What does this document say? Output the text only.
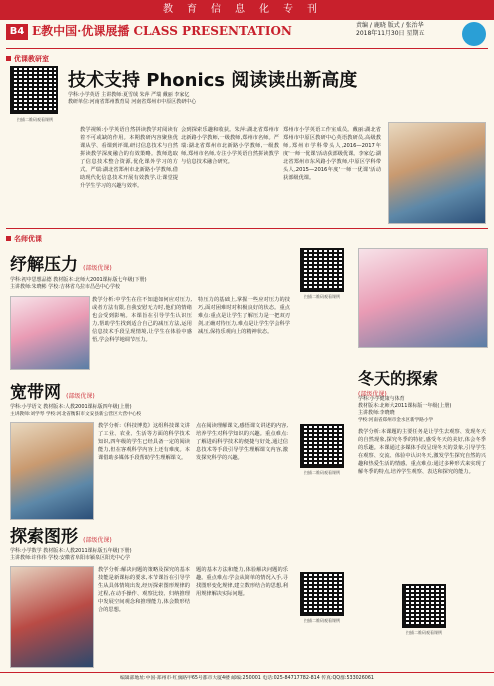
教育信息化专刊
B4 E教中国·优课展播 CLASS PRESENTATION	责编 / 鹿晓 版式 / 张治华
2018年11月30日 星期五
优课教研室
扫描二维码观看课例
技术支持 Phonics 阅读读出新高度
学科:小学英语 主讲教师:夏雪绒 朱萍 严瑞 戴丽 李家亿
教研单位:河南省郑州教育局 河南省郑州市中原区教研中心
教学视频:小学英语自然拼读教学对阅读有着不可或缺的作用。本期教研内容聚焦优课从学、看课到评课,研讨信息技术与自然拼读教学深度融合的有效策略。教师选取了信息技术整合资源,优化课外学习的方式。严瑞:湖北省郑州市北新路小学教师,借助现代化信息技术开展有效教学,让课堂提升学生学习的兴趣与效率。
会到探索乐趣和收获。朱萍:湖北省郑州市北新路小学教师,一级教师,郑州市名师。严瑞:湖北省郑州市北新路小学教师,一级教师,郑州市名师,专注小学英语自然拼读教学与信息技术融合研究。
郑州市小学英语工作室成员。戴丽:湖北省郑州市中原区教研中心英语教研员,高级教师,郑州市学科带头人,2016—2017年度'一师一优课'活动获部级优课。李家亿:湖北省郑州市东风路小学教师,中原区学科带头人,2015—2016年度'一师一优课'活动获部级优课。
名师优课
纾解压力 (部级优课)
学科:初中思想品德 教材版本:北师大2001课标版七年级(下册)
主讲教师:朱晓彬 学校:吉林省乌拉市昌邑中心学校
扫描二维码观看课例
教学分析:中学生在往不知道如何应对压力,或者方法有限,自我安慰无力时,他们的情绪也会受到影响。本课旨在引导学生认识压力,帮助学生找到适合自己的减压方法,运用信息技术手段呈现情境,让学生在体验中感悟,学会科学地调节压力。
特压力的基础上,掌握一些应对压力的技巧,面对困难时对积极良好的状态。重点难点:重点是让学生了解压力是一把双刃剑,正确对待压力,难点是让学生学会科学减压,保持乐观向上的精神状态。
冬天的探索
(部级优课)
学科:小学健康与体育
教材版本:北师大2011课标版一年级(上册)
主讲教师:李晓晓
学校:河南省郑州市金水区新学路小学
教学分析:本课题的主要任务是让学生去观察、发现冬天的自然现象,探究冬季的特征,感受冬天的美好,体会冬季的乐趣。本课通过多媒体手段呈现冬天的景象,引导学生在观察、交流、体验中认识冬天,激发学生探究自然的兴趣和热爱生活的情感。重点难点:通过多种形式来实现了解冬季的特点,培养学生观察、表达和探究的能力。
扫描二维码观看课例
宽带网 (部级优课)
学科:小学语文 教材版本:人教2001课标版四年级(上册)
主讲教师:刘学琴 学校:河北省衡阳市文安县新公营区大营中心校
教学分析:《科技博览》这组科技课文讲了工业、农业、生活等方面的科学技术知识,四年级的学生已经具备一定的阅读能力,但在客观科学内容上还有难度。本课借助多媒体手段帮助学生理解课文。
点在阅读理解课文,感悟课文讲述的内容,培养学生对科学知识的兴趣。重点难点:了解进码科学技术的便捷与好处,通过信息技术等手段引导学生理解课文内容,激发探究科学的兴趣。
扫描二维码观看课例
探索图形 (部级优课)
学科:小学数学 教材版本:人教2011课标版五年级(下册)
主讲教师:许伟伟 学校:安徽省阜阳市颍泉区阳光中心学
教学分析:解决问题的策略及探究的基本技能是新课标的要求,本节课旨在引导学生从具体情境出发,经历探索图形规律的过程,在动手操作、观察比较、归纳推理中发展空间观念和推理能力,体会数形结合的思想。
题的基本方法和能力,体验解决问题的乐趣。重点难点:学会从简单的情况入手,寻找图形变化规律,建立数形结合的思想,利用规律解决实际问题。
扫描二维码观看课例
编辑部地址:中国·郑州市·红旗路甲65号都市大厦4楼 邮编:250001 电话:025-84717782-814 传真:QQ群:533026061
